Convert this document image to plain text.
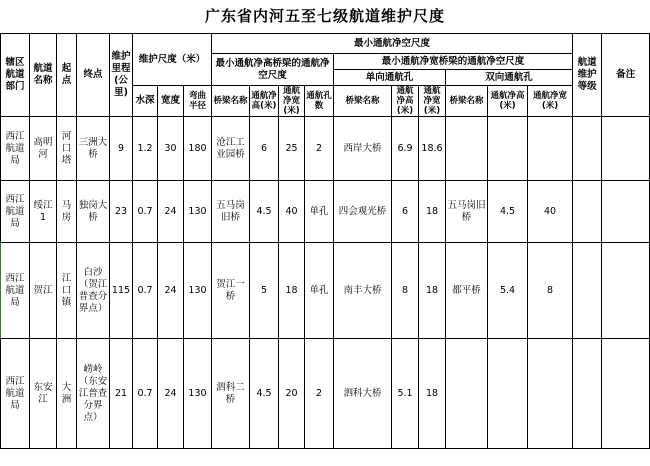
广东省内河五至七级航道维护尺度
辖区航道部门	航道名称	起点	终点	维护里程(公里)	维护尺度（米）			最小通航净空尺度										航道维护等级	备注
								最小通航净高桥梁的通航净空尺度				最小通航净宽桥梁的通航净空尺度							
												单向通航孔			双向通航孔				
					水深	宽度	弯曲半径	桥梁名称	通航净高(米)	通航净宽(米)	通航孔数	桥梁名称	通航净高(米)	通航净宽(米)	桥梁名称	通航净高(米)	通航净宽(米)		
西江航道局	高明河	河口塔	三洲大桥	9	1.2	30	180	沧江工业园桥	6	25	2	西岸大桥	6.9	18.6					
西江航道局	绥江1	马房	独岗大桥	23	0.7	24	130	五马岗旧桥	4.5	40	单孔	四会观光桥	6	18	五马岗旧桥	4.5	40		
西江航道局	贺江	江口镇	白沙（贺江普查分界点）	115	0.7	24	130	贺江一桥	5	18	单孔	南丰大桥	8	18	都平桥	5.4	8		
西江航道局	东安江	大洲	崂岭（东安江普查分界点）	21	0.7	24	130	泗科二桥	4.5	20	2	泗科大桥	5.1	18					
